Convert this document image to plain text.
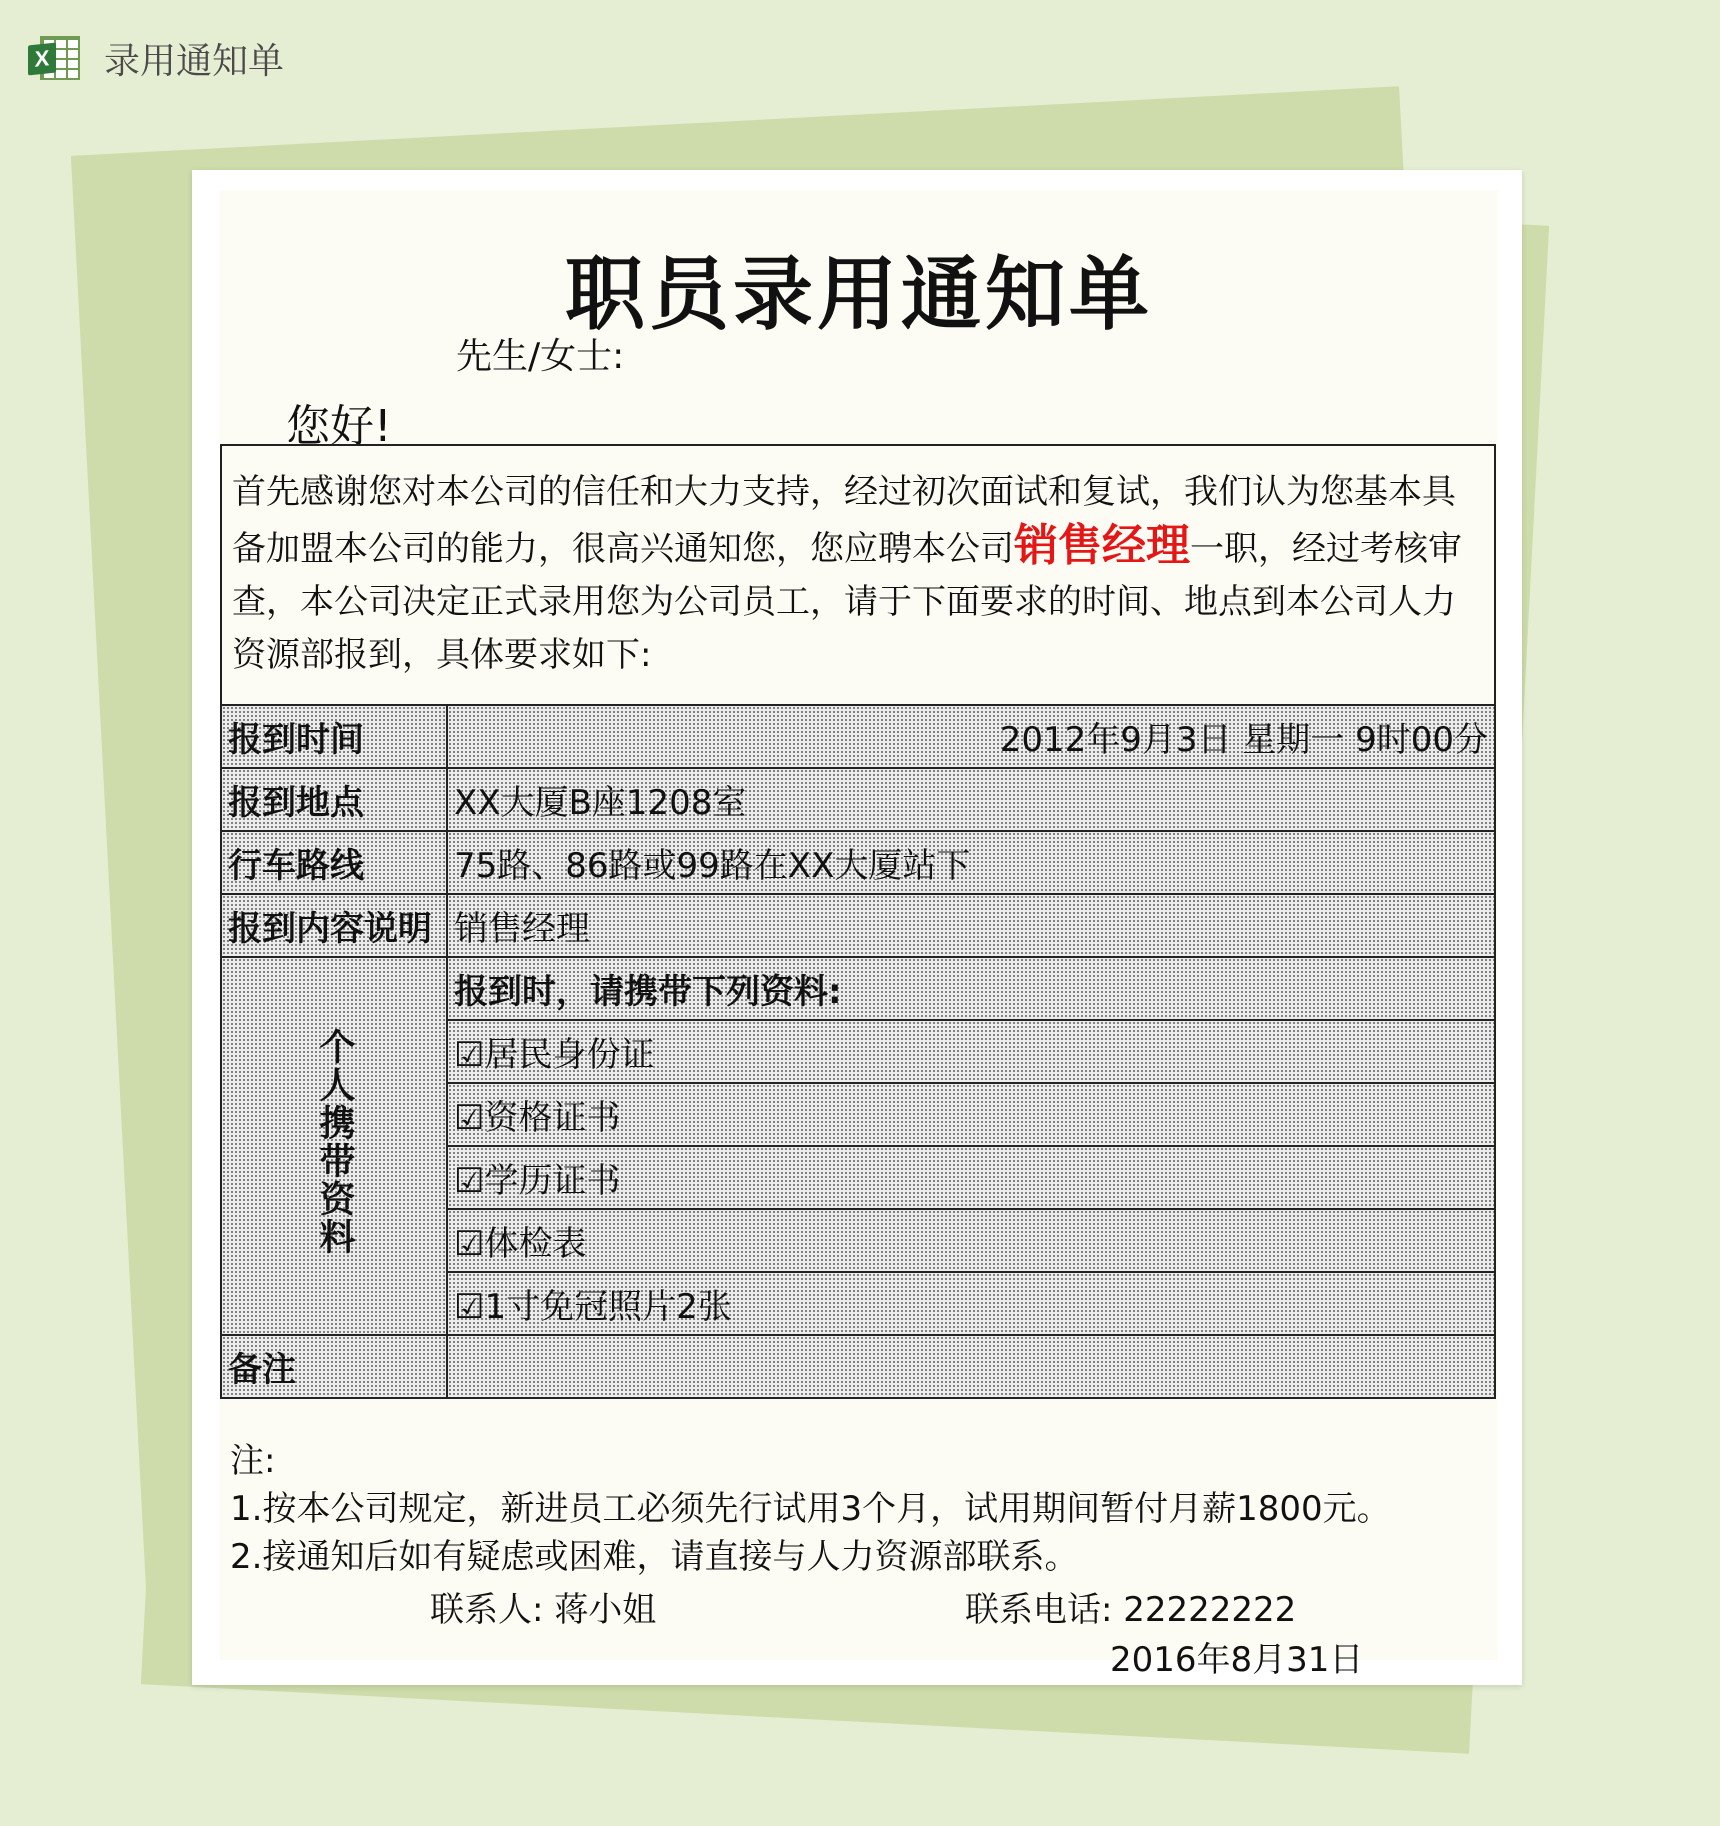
X 录用通知单
职员录用通知单
先生/女士:
您好!
首先感谢您对本公司的信任和大力支持，经过初次面试和复试，我们认为您基本具备加盟本公司的能力，很高兴通知您，您应聘本公司销售经理一职，经过考核审查，本公司决定正式录用您为公司员工，请于下面要求的时间、地点到本公司人力资源部报到，具体要求如下:
报到时间	2012年9月3日 星期一 9时00分
报到地点	XX大厦B座1208室
行车路线	75路、86路或99路在XX大厦站下
报到内容说明	销售经理
个人携带资料	报到时，请携带下列资料:
	☑居民身份证
	☑资格证书
	☑学历证书
	☑体检表
	☑1寸免冠照片2张
备注	
注:
1.按本公司规定，新进员工必须先行试用3个月，试用期间暂付月薪1800元。
2.接通知后如有疑虑或困难，请直接与人力资源部联系。
联系人: 蒋小姐	联系电话: 22222222
2016年8月31日
